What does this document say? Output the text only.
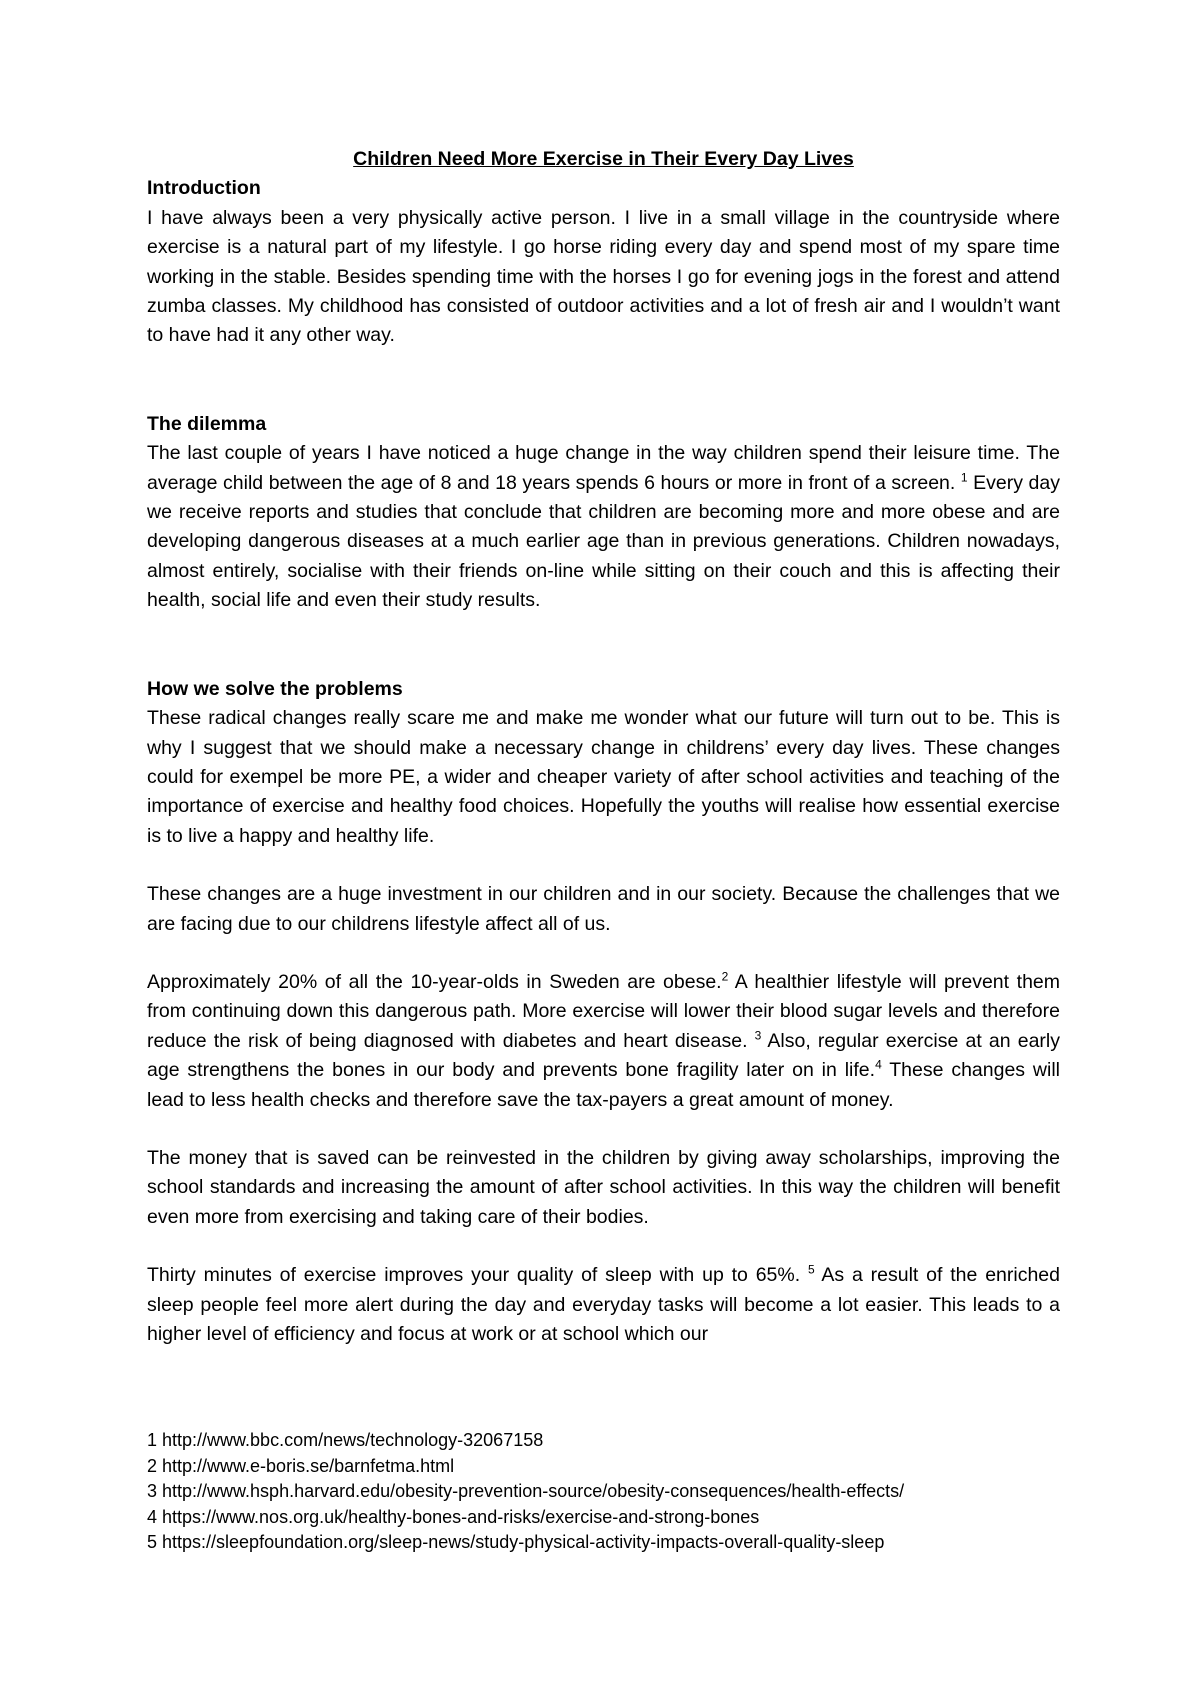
Children Need More Exercise in Their Every Day Lives

Introduction

I have always been a very physically active person. I live in a small village in the countryside where exercise is a natural part of my lifestyle. I go horse riding every day and spend most of my spare time working in the stable. Besides spending time with the horses I go for evening jogs in the forest and attend zumba classes. My childhood has consisted of outdoor activities and a lot of fresh air and I wouldn’t want to have had it any other way.

The dilemma

The last couple of years I have noticed a huge change in the way children spend their leisure time. The average child between the age of 8 and 18 years spends 6 hours or more in front of a screen. $^1$ Every day we receive reports and studies that conclude that children are becoming more and more obese and are developing dangerous diseases at a much earlier age than in previous generations. Children nowadays, almost entirely, socialise with their friends on-line while sitting on their couch and this is affecting their health, social life and even their study results.

How we solve the problems

These radical changes really scare me and make me wonder what our future will turn out to be. This is why I suggest that we should make a necessary change in childrens’ every day lives. These changes could for exempel be more PE, a wider and cheaper variety of after school activities and teaching of the importance of exercise and healthy food choices. Hopefully the youths will realise how essential exercise is to live a happy and healthy life.

These changes are a huge investment in our children and in our society. Because the challenges that we are facing due to our childrens lifestyle affect all of us.

Approximately 20% of all the 10-year-olds in Sweden are obese.$^2$ A healthier lifestyle will prevent them from continuing down this dangerous path. More exercise will lower their blood sugar levels and therefore reduce the risk of being diagnosed with diabetes and heart disease. $^3$ Also, regular exercise at an early age strengthens the bones in our body and prevents bone fragility later on in life.$^4$ These changes will lead to less health checks and therefore save the tax-payers a great amount of money.

The money that is saved can be reinvested in the children by giving away scholarships, improving the school standards and increasing the amount of after school activities. In this way the children will benefit even more from exercising and taking care of their bodies.

Thirty minutes of exercise improves your quality of sleep with up to 65%. $^5$ As a result of the enriched sleep people feel more alert during the day and everyday tasks will become a lot easier. This leads to a higher level of efficiency and focus at work or at school which our

1 http://www.bbc.com/news/technology-32067158

2 http://www.e-boris.se/barnfetma.html

3 http://www.hsph.harvard.edu/obesity-prevention-source/obesity-consequences/health-effects/

4 https://www.nos.org.uk/healthy-bones-and-risks/exercise-and-strong-bones

5 https://sleepfoundation.org/sleep-news/study-physical-activity-impacts-overall-quality-sleep
